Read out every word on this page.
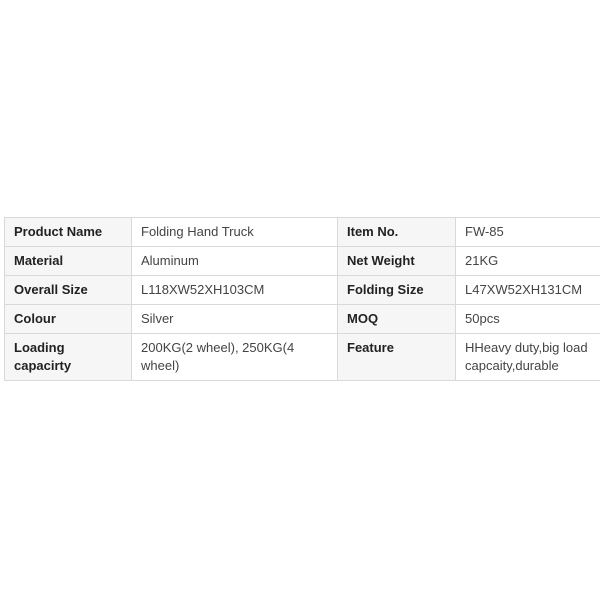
Product Name	Folding Hand Truck	Item No.	FW-85
Material	Aluminum	Net Weight	21KG
Overall Size	L118XW52XH103CM	Folding Size	L47XW52XH131CM
Colour	Silver	MOQ	50pcs
Loading capacirty	200KG(2 wheel), 250KG(4 wheel)	Feature	HHeavy duty,big load capcaity,durable
